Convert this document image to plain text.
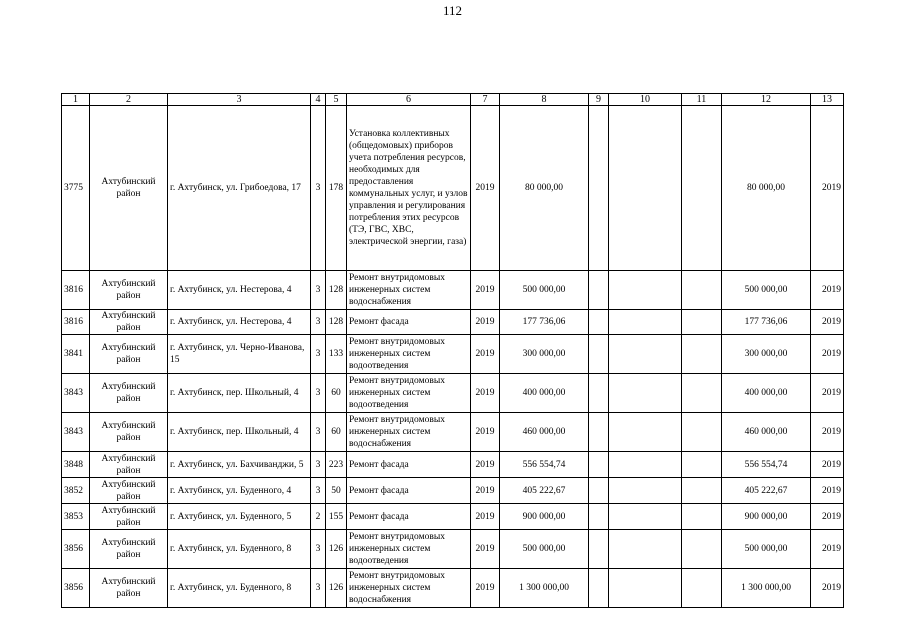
112
1	2	3	4	5	6	7	8	9	10	11	12	13
3775	Ахтубинский район	г. Ахтубинск, ул. Грибоедова, 17	3	178	Установка коллективных (общедомовых) приборов учета потребления ресурсов, необходимых для предоставления коммунальных услуг, и узлов управления и регулирования потребления этих ресурсов (ТЭ, ГВС, ХВС, электрической энергии, газа)	2019	80 000,00				80 000,00	2019
3816	Ахтубинский район	г. Ахтубинск, ул. Нестерова, 4	3	128	Ремонт внутридомовых инженерных систем водоснабжения	2019	500 000,00				500 000,00	2019
3816	Ахтубинский район	г. Ахтубинск, ул. Нестерова, 4	3	128	Ремонт фасада	2019	177 736,06				177 736,06	2019
3841	Ахтубинский район	г. Ахтубинск, ул. Черно-Иванова, 15	3	133	Ремонт внутридомовых инженерных систем водоотведения	2019	300 000,00				300 000,00	2019
3843	Ахтубинский район	г. Ахтубинск, пер. Школьный, 4	3	60	Ремонт внутридомовых инженерных систем водоотведения	2019	400 000,00				400 000,00	2019
3843	Ахтубинский район	г. Ахтубинск, пер. Школьный, 4	3	60	Ремонт внутридомовых инженерных систем водоснабжения	2019	460 000,00				460 000,00	2019
3848	Ахтубинский район	г. Ахтубинск, ул. Бахчиванджи, 5	3	223	Ремонт фасада	2019	556 554,74				556 554,74	2019
3852	Ахтубинский район	г. Ахтубинск, ул. Буденного, 4	3	50	Ремонт фасада	2019	405 222,67				405 222,67	2019
3853	Ахтубинский район	г. Ахтубинск, ул. Буденного, 5	2	155	Ремонт фасада	2019	900 000,00				900 000,00	2019
3856	Ахтубинский район	г. Ахтубинск, ул. Буденного, 8	3	126	Ремонт внутридомовых инженерных систем водоотведения	2019	500 000,00				500 000,00	2019
3856	Ахтубинский район	г. Ахтубинск, ул. Буденного, 8	3	126	Ремонт внутридомовых инженерных систем водоснабжения	2019	1 300 000,00				1 300 000,00	2019
